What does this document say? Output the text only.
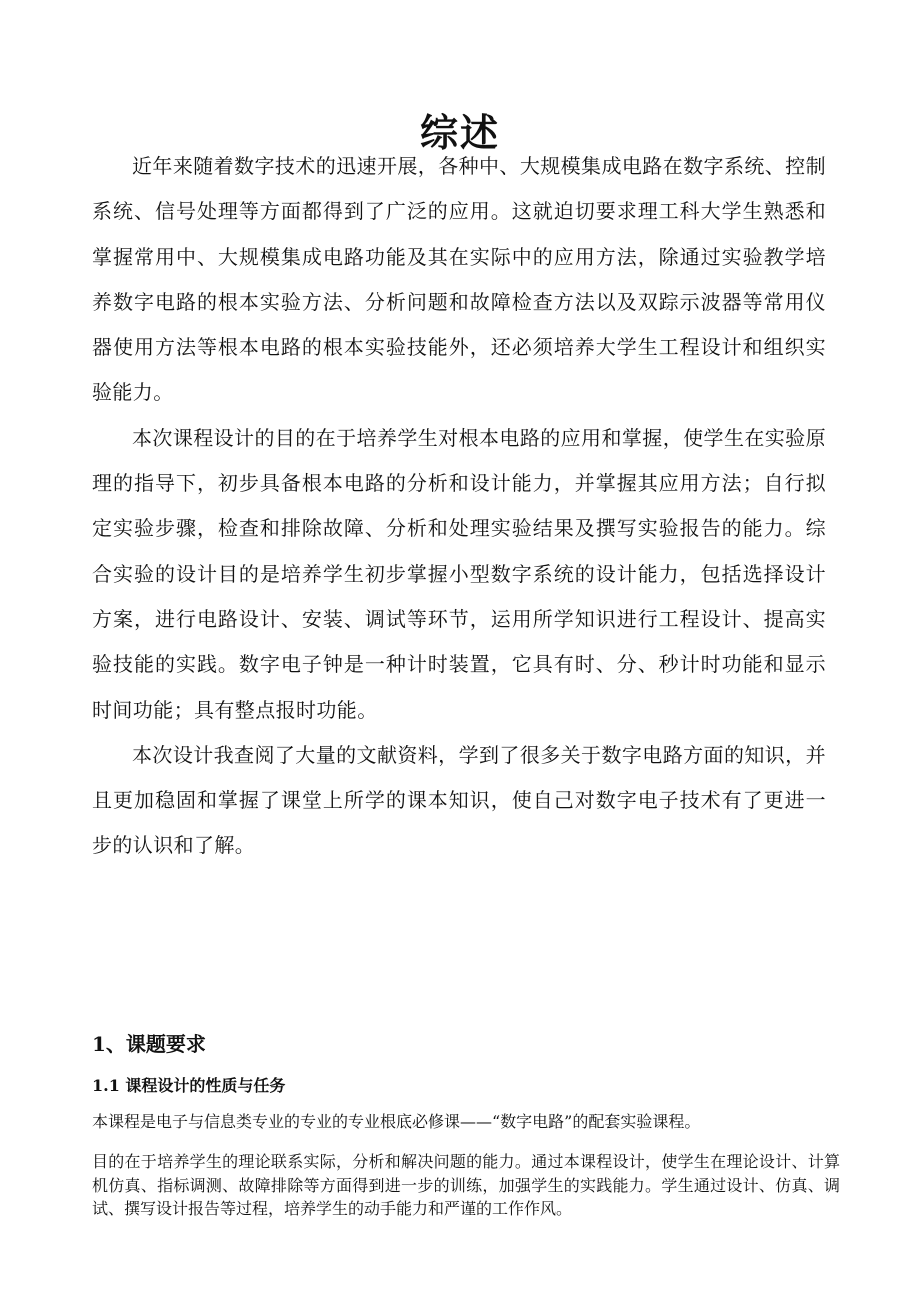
综述

近年来随着数字技术的迅速开展，各种中、大规模集成电路在数字系统、控制系统、信号处理等方面都得到了广泛的应用。这就迫切要求理工科大学生熟悉和掌握常用中、大规模集成电路功能及其在实际中的应用方法，除通过实验教学培养数字电路的根本实验方法、分析问题和故障检查方法以及双踪示波器等常用仪器使用方法等根本电路的根本实验技能外，还必须培养大学生工程设计和组织实验能力。

本次课程设计的目的在于培养学生对根本电路的应用和掌握，使学生在实验原理的指导下，初步具备根本电路的分析和设计能力，并掌握其应用方法；自行拟定实验步骤，检查和排除故障、分析和处理实验结果及撰写实验报告的能力。综合实验的设计目的是培养学生初步掌握小型数字系统的设计能力，包括选择设计方案，进行电路设计、安装、调试等环节，运用所学知识进行工程设计、提高实验技能的实践。数字电子钟是一种计时装置，它具有时、分、秒计时功能和显示时间功能；具有整点报时功能。

本次设计我查阅了大量的文献资料，学到了很多关于数字电路方面的知识，并且更加稳固和掌握了课堂上所学的课本知识，使自己对数字电子技术有了更进一步的认识和了解。

1、课题要求
1.1 课程设计的性质与任务

本课程是电子与信息类专业的专业的专业根底必修课——“数字电路”的配套实验课程。

目的在于培养学生的理论联系实际，分析和解决问题的能力。通过本课程设计，使学生在理论设计、计算机仿真、指标调测、故障排除等方面得到进一步的训练，加强学生的实践能力。学生通过设计、仿真、调试、撰写设计报告等过程，培养学生的动手能力和严谨的工作作风。
